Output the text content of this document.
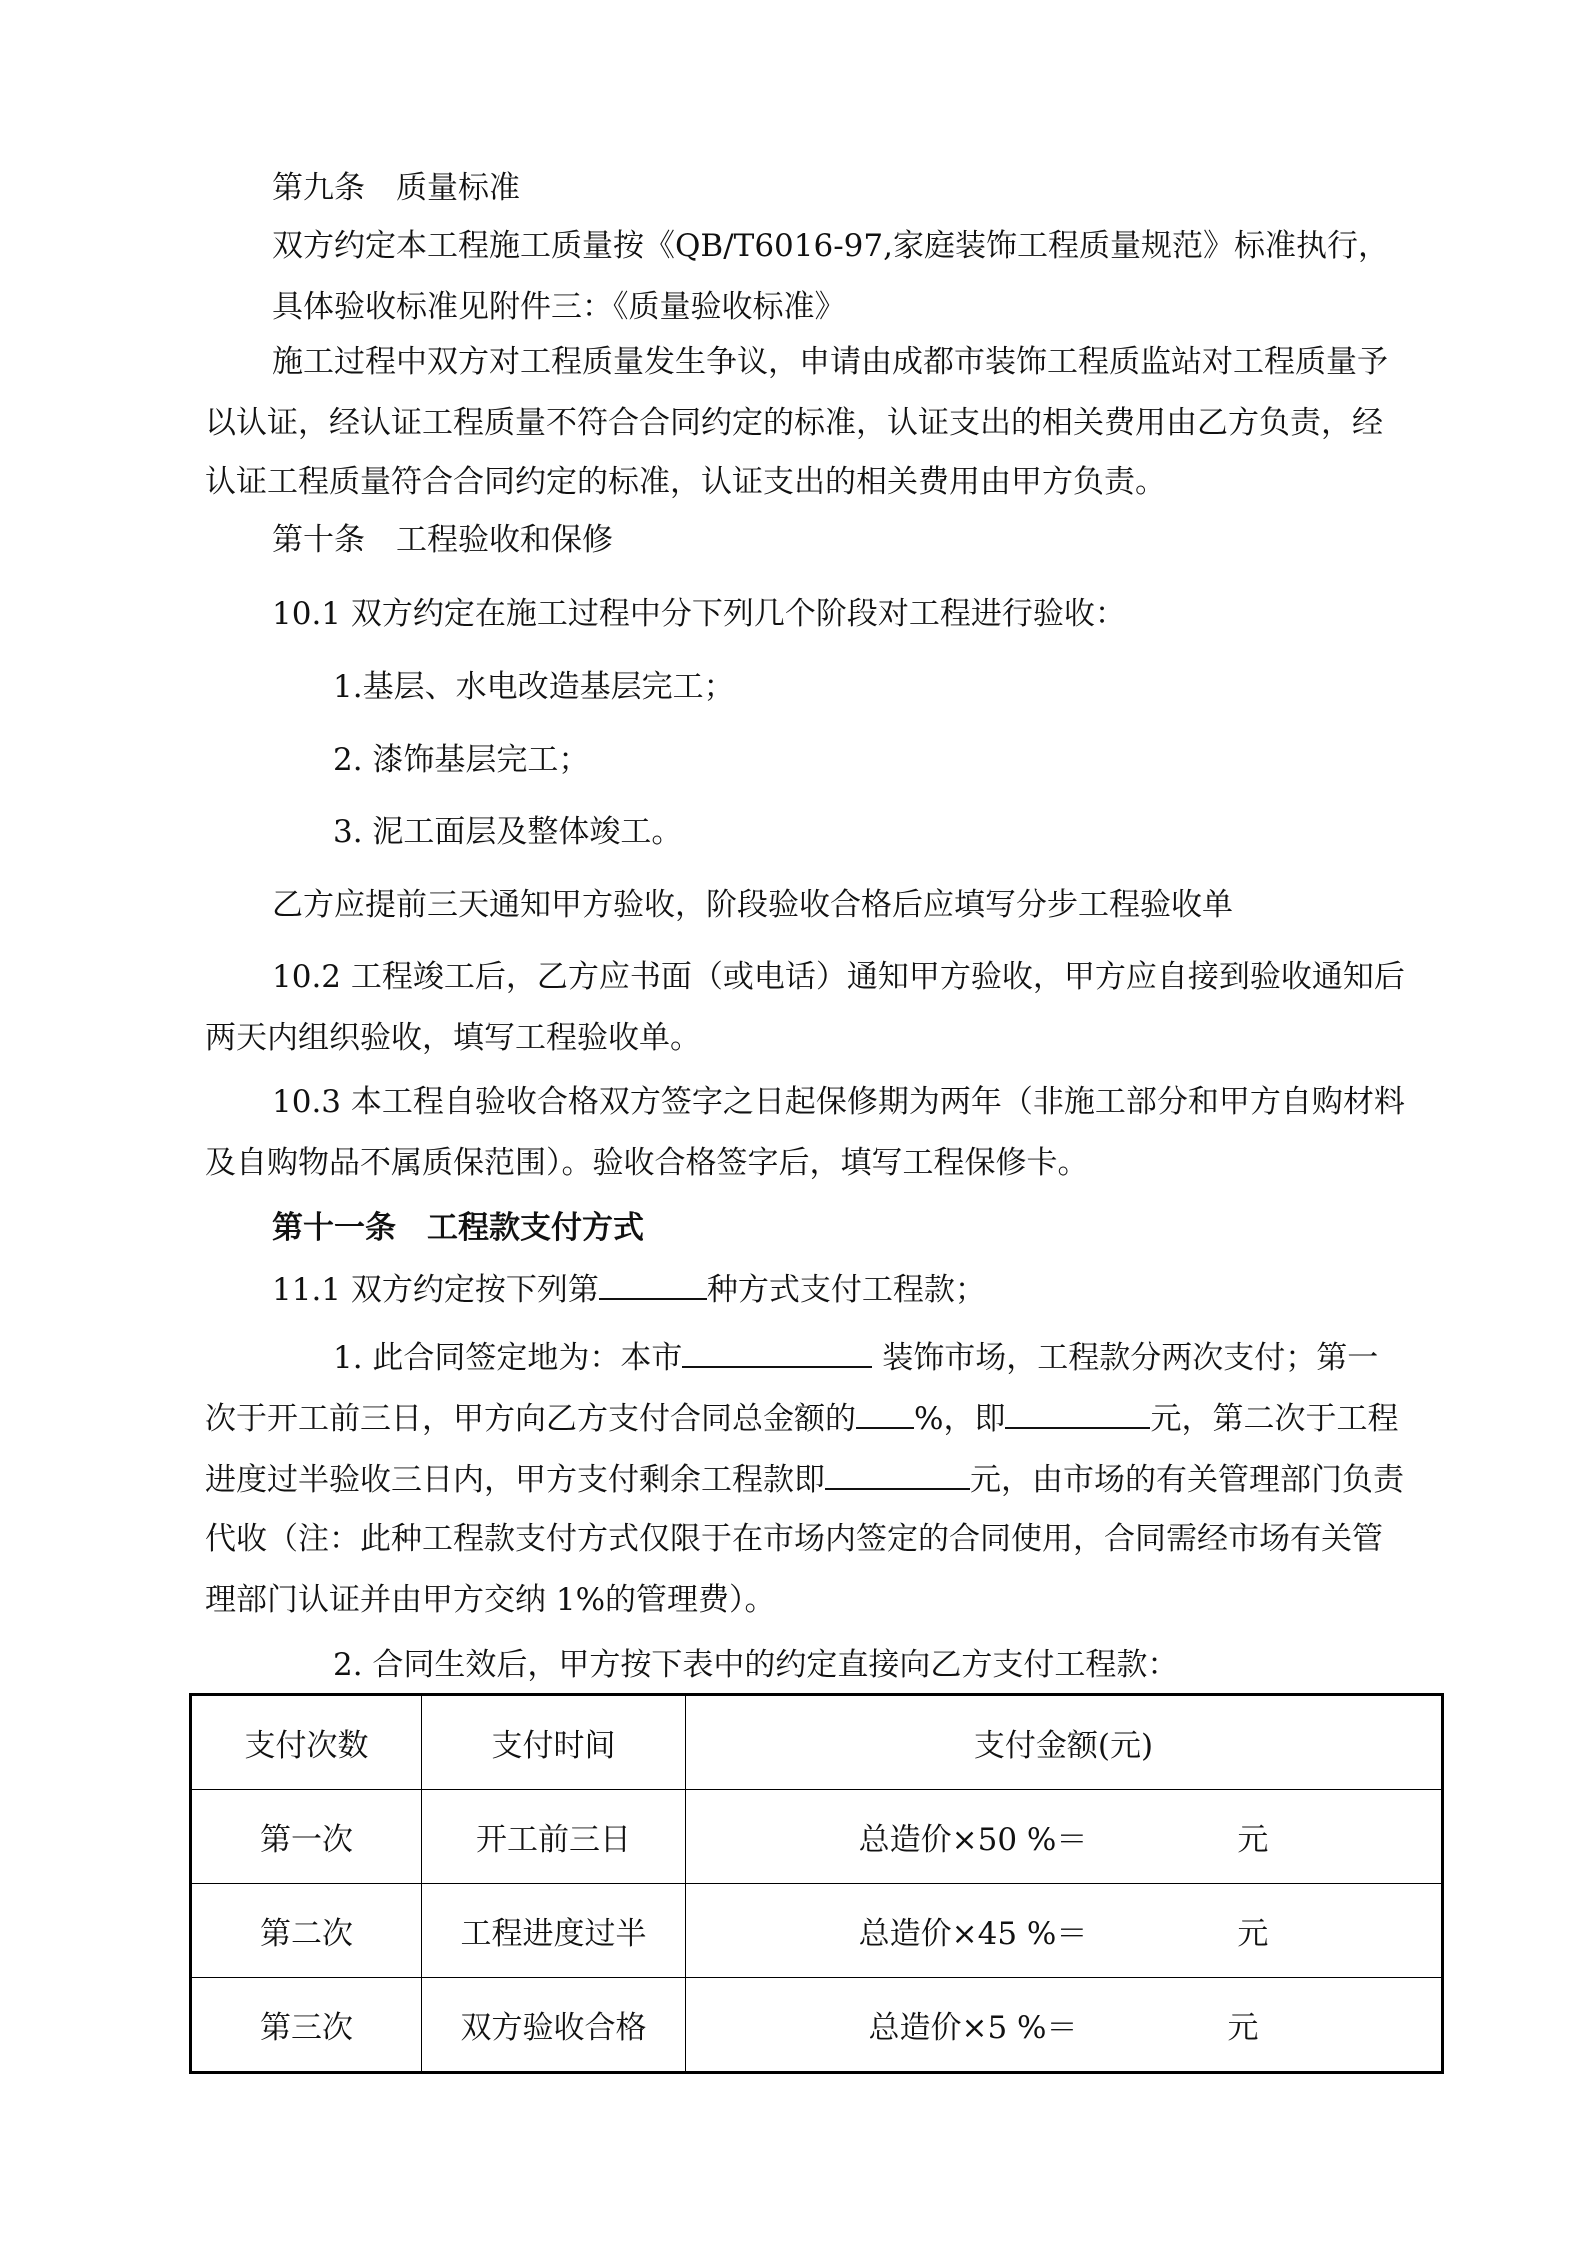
第九条　质量标准
双方约定本工程施工质量按《QB/T6016-97,家庭装饰工程质量规范》标准执行，
具体验收标准见附件三：《质量验收标准》
施工过程中双方对工程质量发生争议，申请由成都市装饰工程质监站对工程质量予
以认证，经认证工程质量不符合合同约定的标准，认证支出的相关费用由乙方负责，经
认证工程质量符合合同约定的标准，认证支出的相关费用由甲方负责。
第十条　工程验收和保修
10.1 双方约定在施工过程中分下列几个阶段对工程进行验收：
1.基层、水电改造基层完工；
2. 漆饰基层完工；
3. 泥工面层及整体竣工。
乙方应提前三天通知甲方验收，阶段验收合格后应填写分步工程验收单
10.2 工程竣工后，乙方应书面（或电话）通知甲方验收，甲方应自接到验收通知后
两天内组织验收，填写工程验收单。
10.3 本工程自验收合格双方签字之日起保修期为两年（非施工部分和甲方自购材料
及自购物品不属质保范围）。验收合格签字后，填写工程保修卡。
第十一条　工程款支付方式
11.1 双方约定按下列第	种方式支付工程款；
1. 此合同签定地为：本市	装饰市场，工程款分两次支付；第一
次于开工前三日，甲方向乙方支付合同总金额的 %，即	元，第二次于工程
进度过半验收三日内，甲方支付剩余工程款即	元，由市场的有关管理部门负责
代收（注：此种工程款支付方式仅限于在市场内签定的合同使用，合同需经市场有关管
理部门认证并由甲方交纳 1%的管理费）。
2. 合同生效后，甲方按下表中的约定直接向乙方支付工程款：
支付次数	支付时间	支付金额(元)
第一次	开工前三日	总造价×50 %＝ 元
第二次	工程进度过半	总造价×45 %＝ 元
第三次	双方验收合格	总造价×5 %＝ 元
